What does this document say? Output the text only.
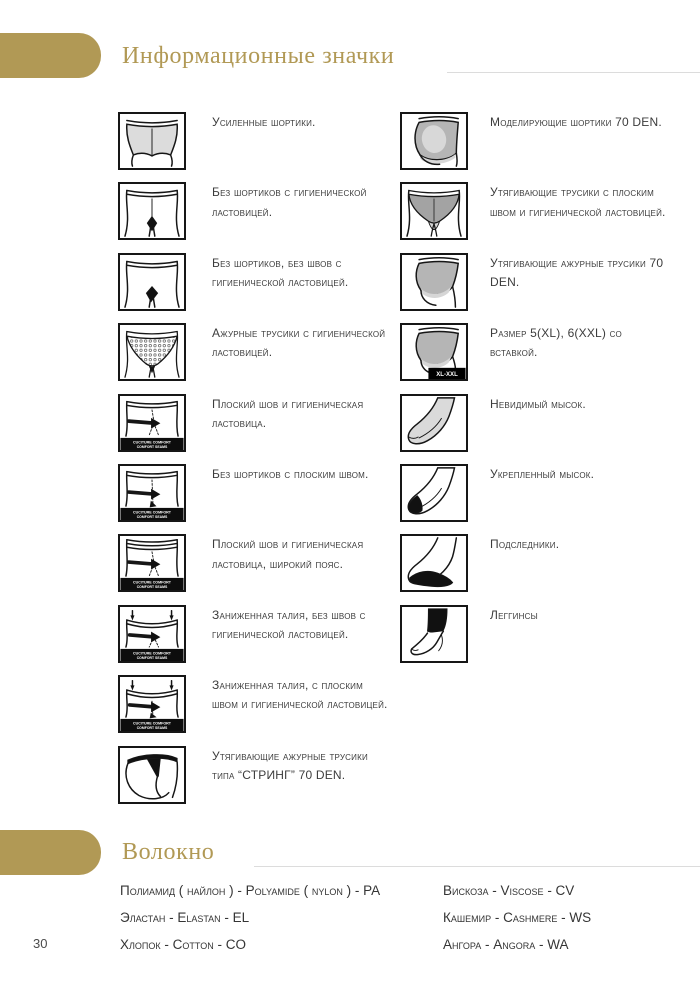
Информационные значки
Усиленные шортики.
Без шортиков с гигиенической ластовицей.
Без шортиков, без швов с гигиенической ластовицей.
Ажурные трусики с гигиенической ластовицей.
Плоский шов и гигиеническая ластовица.
Без шортиков с плоским швом.
Плоский шов и гигиеническая ластовица, широкий пояс.
Заниженная талия, без швов с гигиенической ластовицей.
Заниженная талия, с плоским швом и гигиенической ластовицей.
Утягивающие ажурные трусики типа “СТРИНГ” 70 DEN.
Моделирующие шортики 70 DEN.
Утягивающие трусики с плоским швом и гигиенической ластовицей.
Утягивающие ажурные трусики 70 DEN.
Размер 5(XL), 6(XXL) со вставкой.
Невидимый мысок.
Укрепленный мысок.
Подследники.
Леггинсы
Волокно
Полиамид ( найлон ) - Polyamide ( nylon ) - PA
Эластан - Elastan - EL
Хлопок - Cotton - CO
Вискоза - Viscose - CV
Кашемир - Cashmere - WS
Ангора - Angora - WA
30
